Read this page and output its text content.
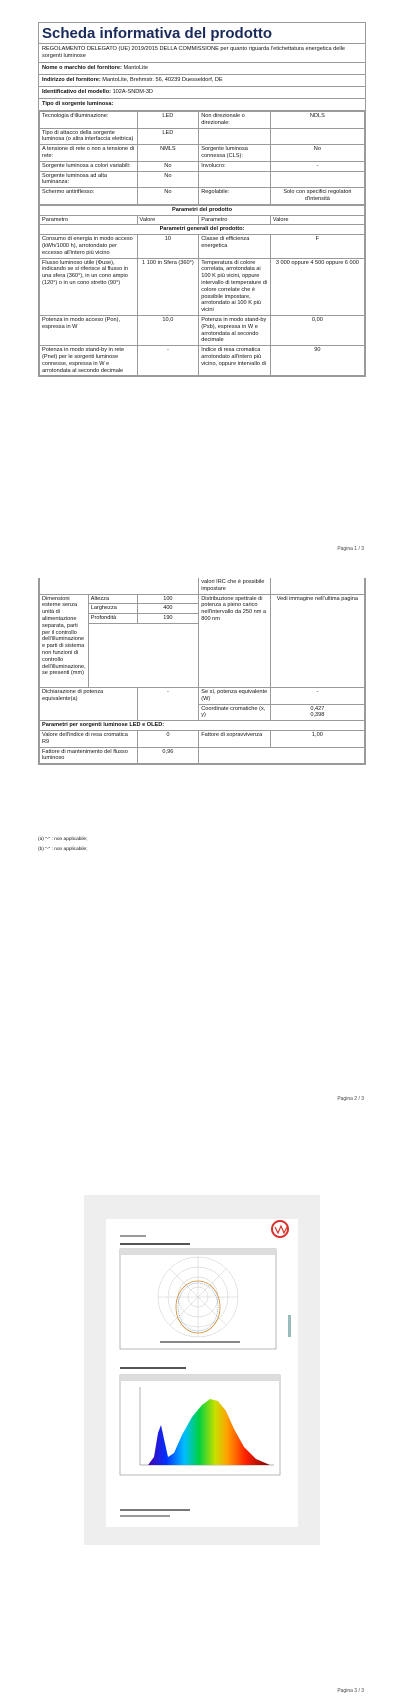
Scheda informativa del prodotto
REGOLAMENTO DELEGATO (UE) 2019/2015 DELLA COMMISSIONE per quanto riguarda l'etichettatura energetica delle sorgenti luminose
Nome o marchio del fornitore: MantoLite
Indirizzo del fornitore: MantoLite, Brehmstr. 56, 40239 Duesseldorf, DE
Identificativo del modello: 102A-SNDM-3D
Tipo di sorgente luminosa:
Tecnologia d'illuminazione:	LED	Non direzionale o direzionale:	NDLS
Tipo di attacco della sorgente luminosa (o altra interfaccia elettrica)	LED		
A tensione di rete o non a tensione di rete:	NMLS	Sorgente luminosa connessa (CLS):	No
Sorgente luminosa a colori variabili:	No	Involucro:	-
Sorgente luminosa ad alta luminanza:	No		
Schermo antiriflesso:	No	Regolabile:	Solo con specifici regolatori d'intensità
Parametri del prodotto			
Parametro	Valore	Parametro	Valore
Parametri generali del prodotto:			
Consumo di energia in modo acceso (kWh/1000 h), arrotondato per eccesso all'intero più vicino	10	Classe di efficienza energetica	F
Flusso luminoso utile (Φuse), indicando se si riferisce al flusso in una sfera (360°), in un cono ampio (120°) o in un cono stretto (90°)	1 100 in Sfera (360°)	Temperatura di colore correlata, arrotondata ai 100 K più vicini, oppure intervallo di temperature di colore correlate che è possibile impostare, arrotondato ai 100 K più vicini	3 000 oppure 4 500 oppure 6 000
Potenza in modo acceso (Pon), espressa in W	10,0	Potenza in modo stand-by (Psb), espressa in W e arrotondata al secondo decimale	0,00
Potenza in modo stand-by in rete (Pnet) per le sorgenti luminose connesse, espressa in W e arrotondata al secondo decimale	-	Indice di resa cromatica arrotondato all'intero più vicino, oppure intervallo di	90
Pagina 1 / 3
			valori IRC che è possibile impostare	
Dimensioni esterne senza unità di alimentazione separata, parti per il controllo dell'illuminazione e parti di sistema non funzioni di controllo dell'illuminazione, se presenti (mm)	Altezza	100	Distribuzione spettrale di potenza a pieno carico nell'intervallo da 250 nm a 800 nm	Vedi immagine nell'ultima pagina
	Larghezza	400		
	Profondità	190		

Dichiarazione di potenza equivalente(a)		-	Se sì, potenza equivalente (W)	-
			Coordinate cromatiche (x, y)	0,427
0,398
Parametri per sorgenti luminose LED e OLED:				
Valore dell'indice di resa cromatica R9		0	Fattore di sopravvivenza	1,00
Fattore di mantenimento del flusso luminoso		0,96		
(a) "-" : non applicabile;
(b) "-" : non applicabile;
Pagina 2 / 3
Pagina 3 / 3
